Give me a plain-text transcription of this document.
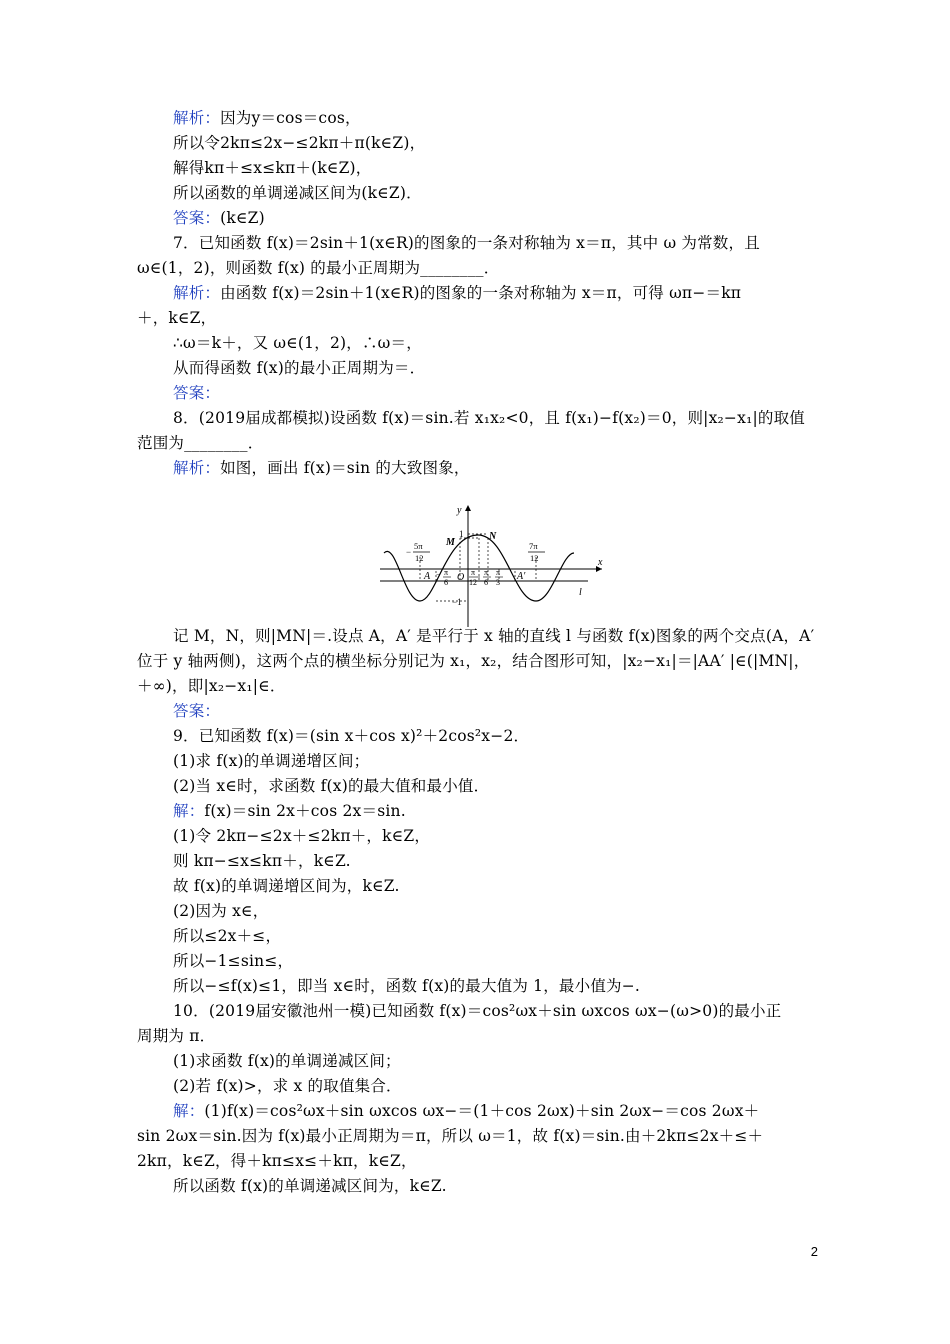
解析：因为y＝cos＝cos，
所以令2kπ≤2x−≤2kπ＋π(k∈Z)，
解得kπ＋≤x≤kπ＋(k∈Z)，
所以函数的单调递减区间为(k∈Z)．
答案：(k∈Z)
7．已知函数 f(x)＝2sin＋1(x∈R)的图象的一条对称轴为 x＝π，其中 ω 为常数，且
ω∈(1，2)，则函数 f(x) 的最小正周期为________．
解析：由函数 f(x)＝2sin＋1(x∈R)的图象的一条对称轴为 x＝π，可得 ωπ−＝kπ
＋，k∈Z，
∴ω＝k＋，又 ω∈(1，2)，∴ω＝，
从而得函数 f(x)的最小正周期为＝．
答案：
8．(2019届成都模拟)设函数 f(x)＝sin.若 x₁x₂<0，且 f(x₁)−f(x₂)＝0，则|x₂−x₁|的取值
范围为________．
解析：如图，画出 f(x)＝sin 的大致图象，
记 M，N，则|MN|＝.设点 A，A′ 是平行于 x 轴的直线 l 与函数 f(x)图象的两个交点(A，A′
位于 y 轴两侧)，这两个点的横坐标分别记为 x₁，x₂，结合图形可知，|x₂−x₁|＝|AA′ |∈(|MN|，
＋∞)，即|x₂−x₁|∈．
答案：
9．已知函数 f(x)＝(sin x＋cos x)²＋2cos²x−2．
(1)求 f(x)的单调递增区间；
(2)当 x∈时，求函数 f(x)的最大值和最小值．
解：f(x)＝sin 2x＋cos 2x＝sin.
(1)令 2kπ−≤2x＋≤2kπ＋，k∈Z，
则 kπ−≤x≤kπ＋，k∈Z.
故 f(x)的单调递增区间为，k∈Z.
(2)因为 x∈，
所以≤2x＋≤，
所以−1≤sin≤，
所以−≤f(x)≤1，即当 x∈时，函数 f(x)的最大值为 1，最小值为−.
10．(2019届安徽池州一模)已知函数 f(x)＝cos²ωx＋sin ωxcos ωx−(ω>0)的最小正
周期为 π．
(1)求函数 f(x)的单调递减区间；
(2)若 f(x)>，求 x 的取值集合．
解：(1)f(x)＝cos²ωx＋sin ωxcos ωx−＝(1＋cos 2ωx)＋sin 2ωx−＝cos 2ωx＋
sin 2ωx＝sin.因为 f(x)最小正周期为＝π，所以 ω＝1，故 f(x)＝sin.由＋2kπ≤2x＋≤＋
2kπ，k∈Z，得＋kπ≤x≤＋kπ，k∈Z，
所以函数 f(x)的单调递减区间为，k∈Z.
y
x
1
−1
O
M
N
A	A′
l
−
5π
12
7π
12
− π
6
π
12
π
6
π
3
2
